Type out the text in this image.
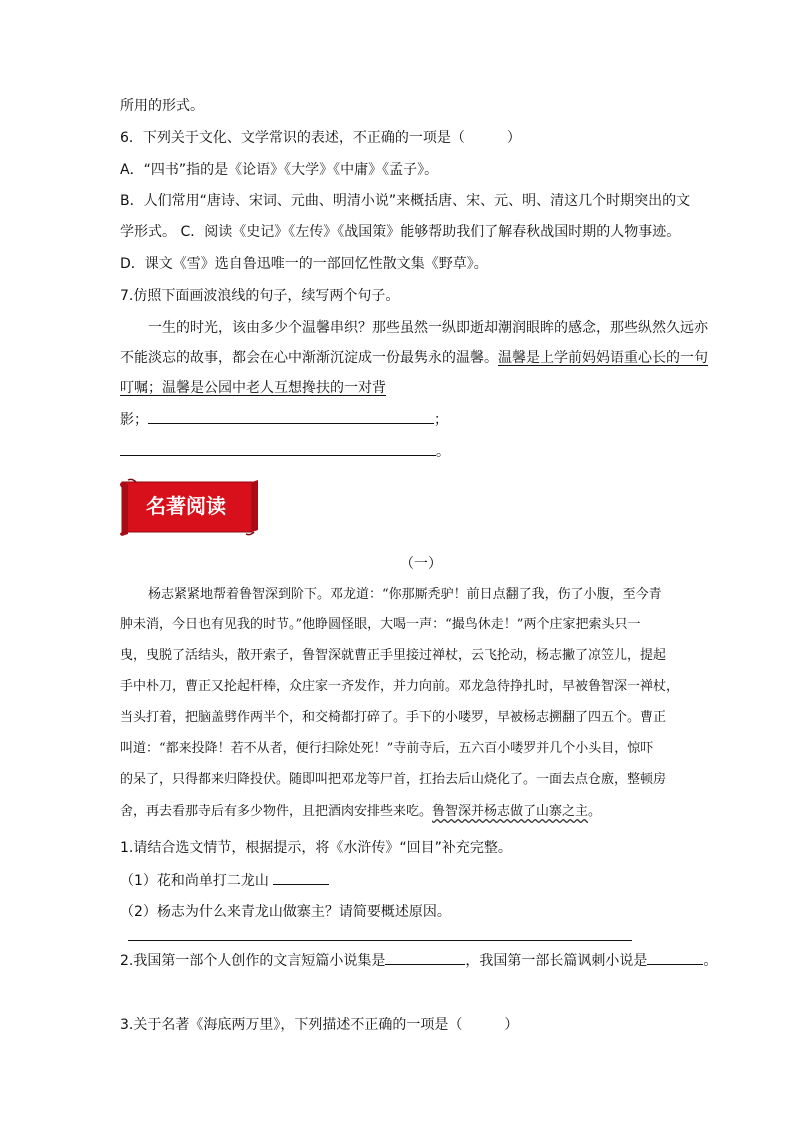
所用的形式。
6．下列关于文化、文学常识的表述，不正确的一项是（　　　）
A．“四书”指的是《论语》《大学》《中庸》《孟子》。
B．人们常用“唐诗、宋词、元曲、明清小说”来概括唐、宋、元、明、清这几个时期突出的文
学形式。 C．阅读《史记》《左传》《战国策》能够帮助我们了解春秋战国时期的人物事迹。
D．课文《雪》选自鲁迅唯一的一部回忆性散文集《野草》。
7.仿照下面画波浪线的句子，续写两个句子。
一生的时光，该由多少个温馨串织？那些虽然一纵即逝却潮润眼眸的感念，那些纵然久远亦
不能淡忘的故事，都会在心中渐渐沉淀成一份最隽永的温馨。温馨是上学前妈妈语重心长的一句
叮嘱；温馨是公园中老人互想搀扶的一对背
影；	；
。
名著阅读
（一）
杨志紧紧地帮着鲁智深到阶下。邓龙道：“你那厮秃驴！前日点翻了我，伤了小腹，至今青
肿未消，今日也有见我的时节。”他睁圆怪眼，大喝一声：“撮鸟休走！”两个庄家把索头只一
曳，曳脱了活结头，散开索子，鲁智深就曹正手里接过禅杖，云飞抡动，杨志撇了凉笠儿，提起
手中朴刀，曹正又抡起杆棒，众庄家一齐发作，并力向前。邓龙急待挣扎时，早被鲁智深一禅杖，
当头打着，把脑盖劈作两半个，和交椅都打碎了。手下的小喽罗，早被杨志搠翻了四五个。曹正
叫道：“都来投降！若不从者，便行扫除处死！”寺前寺后，五六百小喽罗并几个小头目，惊吓
的呆了，只得都来归降投伏。随即叫把邓龙等尸首，扛抬去后山烧化了。一面去点仓廒，整顿房
舍，再去看那寺后有多少物件，且把酒肉安排些来吃。鲁智深并杨志做了山寨之主。
1.请结合选文情节，根据提示，将《水浒传》“回目”补充完整。
（1）花和尚单打二龙山
（2）杨志为什么来青龙山做寨主？请简要概述原因。
2.我国第一部个人创作的文言短篇小说集是	，我国第一部长篇讽刺小说是	。
3.关于名著《海底两万里》，下列描述不正确的一项是（　　　）
